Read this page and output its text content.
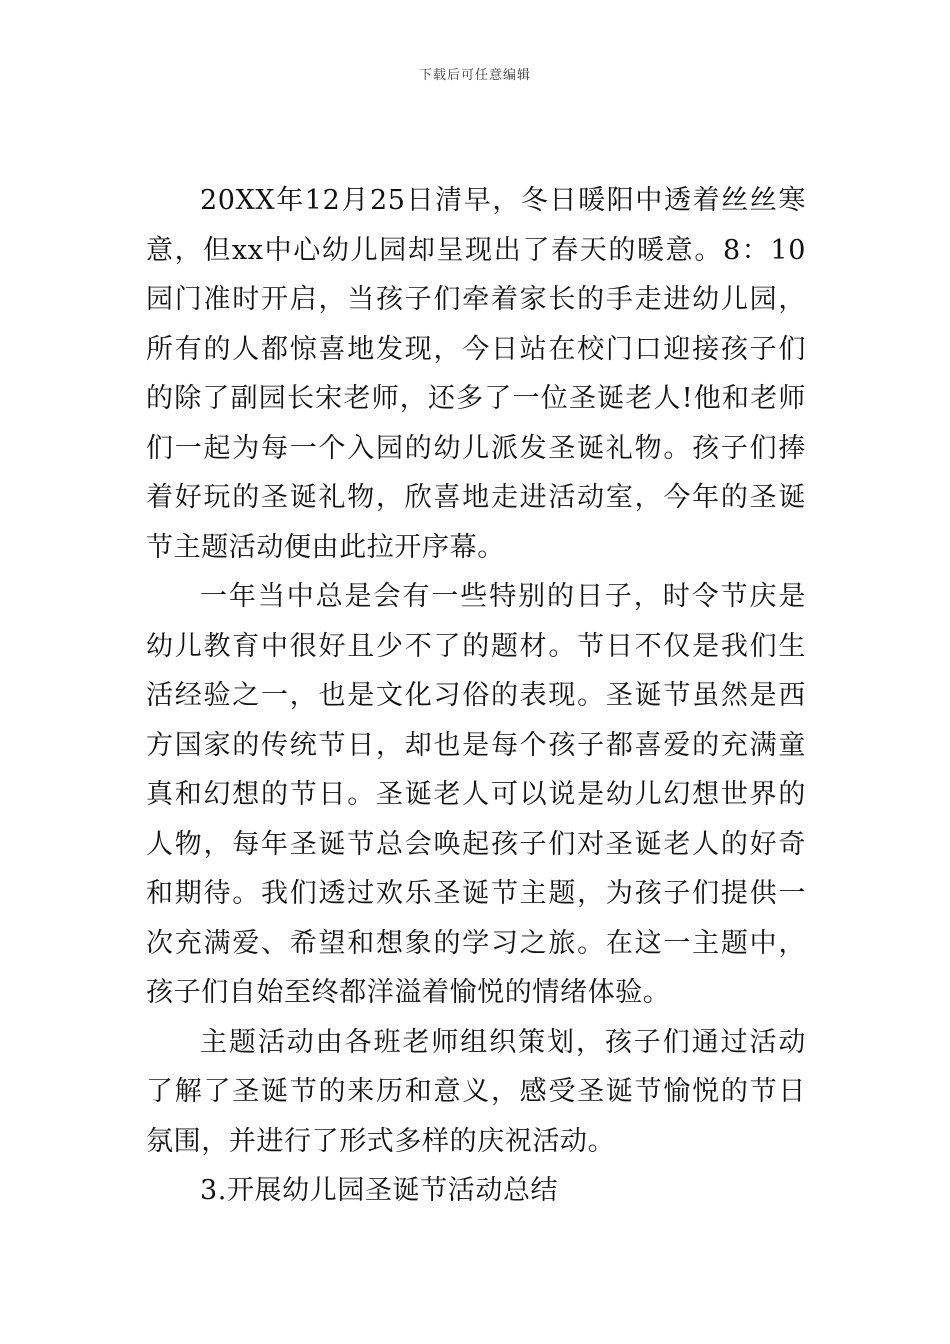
下载后可任意编辑

20XX年12月25日清早，冬日暖阳中透着丝丝寒意，但xx中心幼儿园却呈现出了春天的暖意。8：10园门准时开启，当孩子们牵着家长的手走进幼儿园，所有的人都惊喜地发现，今日站在校门口迎接孩子们的除了副园长宋老师，还多了一位圣诞老人!他和老师们一起为每一个入园的幼儿派发圣诞礼物。孩子们捧着好玩的圣诞礼物，欣喜地走进活动室，今年的圣诞节主题活动便由此拉开序幕。

一年当中总是会有一些特别的日子，时令节庆是幼儿教育中很好且少不了的题材。节日不仅是我们生活经验之一，也是文化习俗的表现。圣诞节虽然是西方国家的传统节日，却也是每个孩子都喜爱的充满童真和幻想的节日。圣诞老人可以说是幼儿幻想世界的人物，每年圣诞节总会唤起孩子们对圣诞老人的好奇和期待。我们透过欢乐圣诞节主题，为孩子们提供一次充满爱、希望和想象的学习之旅。在这一主题中，孩子们自始至终都洋溢着愉悦的情绪体验。

主题活动由各班老师组织策划，孩子们通过活动了解了圣诞节的来历和意义，感受圣诞节愉悦的节日氛围，并进行了形式多样的庆祝活动。

3.开展幼儿园圣诞节活动总结
